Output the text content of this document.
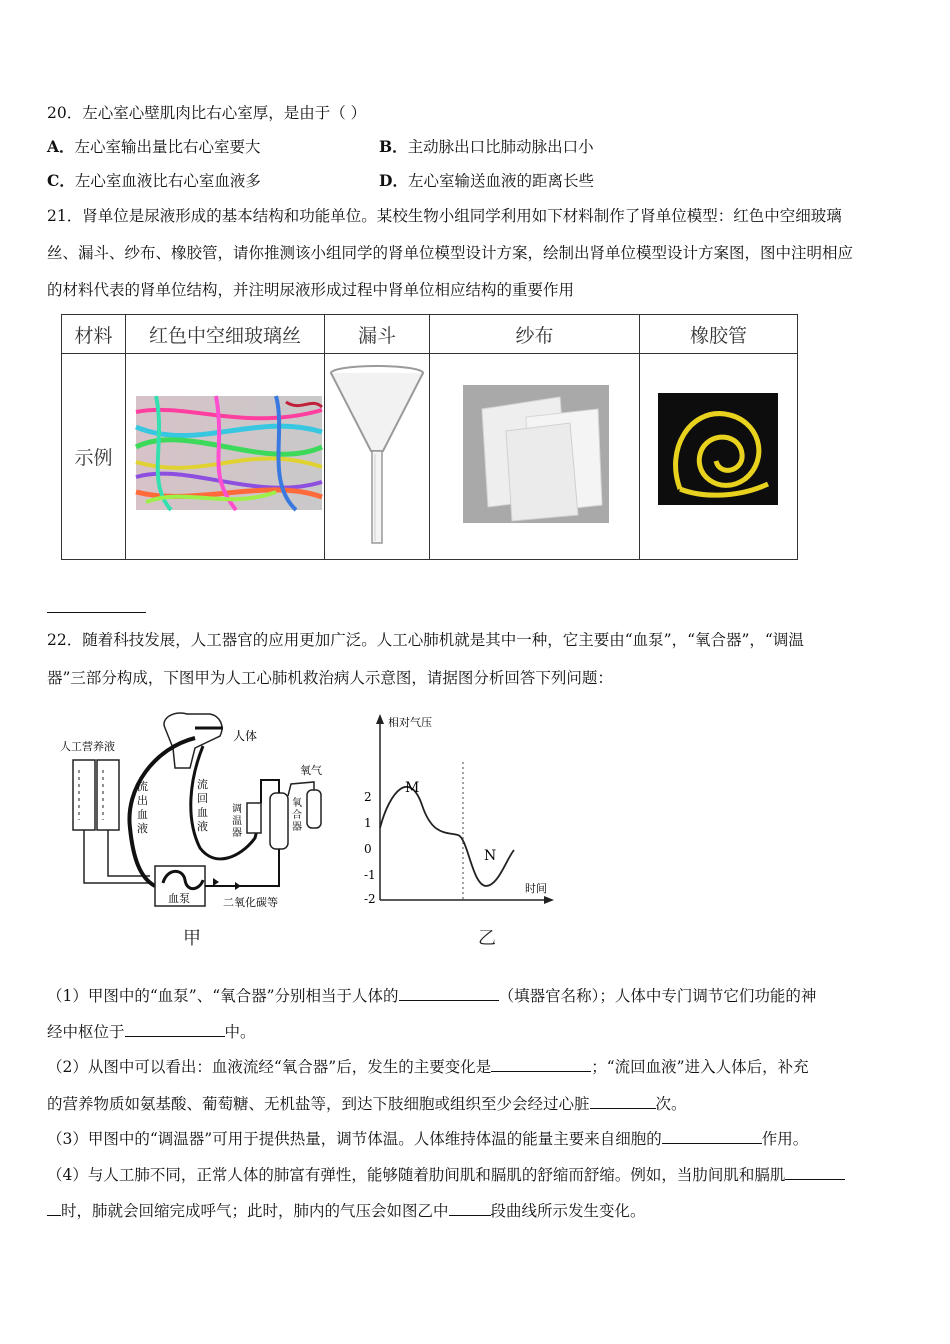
20．左心室心壁肌肉比右心室厚，是由于（ ）
A．左心室输出量比右心室要大	B．主动脉出口比肺动脉出口小
C．左心室血液比右心室血液多	D．左心室输送血液的距离长些
21．肾单位是尿液形成的基本结构和功能单位。某校生物小组同学利用如下材料制作了肾单位模型：红色中空细玻璃
丝、漏斗、纱布、橡胶管，请你推测该小组同学的肾单位模型设计方案，绘制出肾单位模型设计方案图，图中注明相应
的材料代表的肾单位结构，并注明尿液形成过程中肾单位相应结构的重要作用
材料	红色中空细玻璃丝	漏斗	纱布	橡胶管
示例				
22．随着科技发展，人工器官的应用更加广泛。人工心肺机就是其中一种，它主要由“血泵”，“氧合器”，“调温
器”三部分构成，下图甲为人工心肺机救治病人示意图，请据图分析回答下列问题：
人工营养液
人体
氧气
二氧化碳等
血泵
流 出 血 液
流 回 血 液
调 温 器
氧 合 器
甲
相对气压
时间
2
1
0
-1
-2
M
N
乙
（1）甲图中的“血泵”、“氧合器”分别相当于人体的	（填器官名称）；人体中专门调节它们功能的神
经中枢位于	中。
（2）从图中可以看出：血液流经“氧合器”后，发生的主要变化是	；“流回血液”进入人体后，补充
的营养物质如氨基酸、葡萄糖、无机盐等，到达下肢细胞或组织至少会经过心脏	次。
（3）甲图中的“调温器”可用于提供热量，调节体温。人体维持体温的能量主要来自细胞的	作用。
（4）与人工肺不同，正常人体的肺富有弹性，能够随着肋间肌和膈肌的舒缩而舒缩。例如，当肋间肌和膈肌
时，肺就会回缩完成呼气；此时，肺内的气压会如图乙中	段曲线所示发生变化。
